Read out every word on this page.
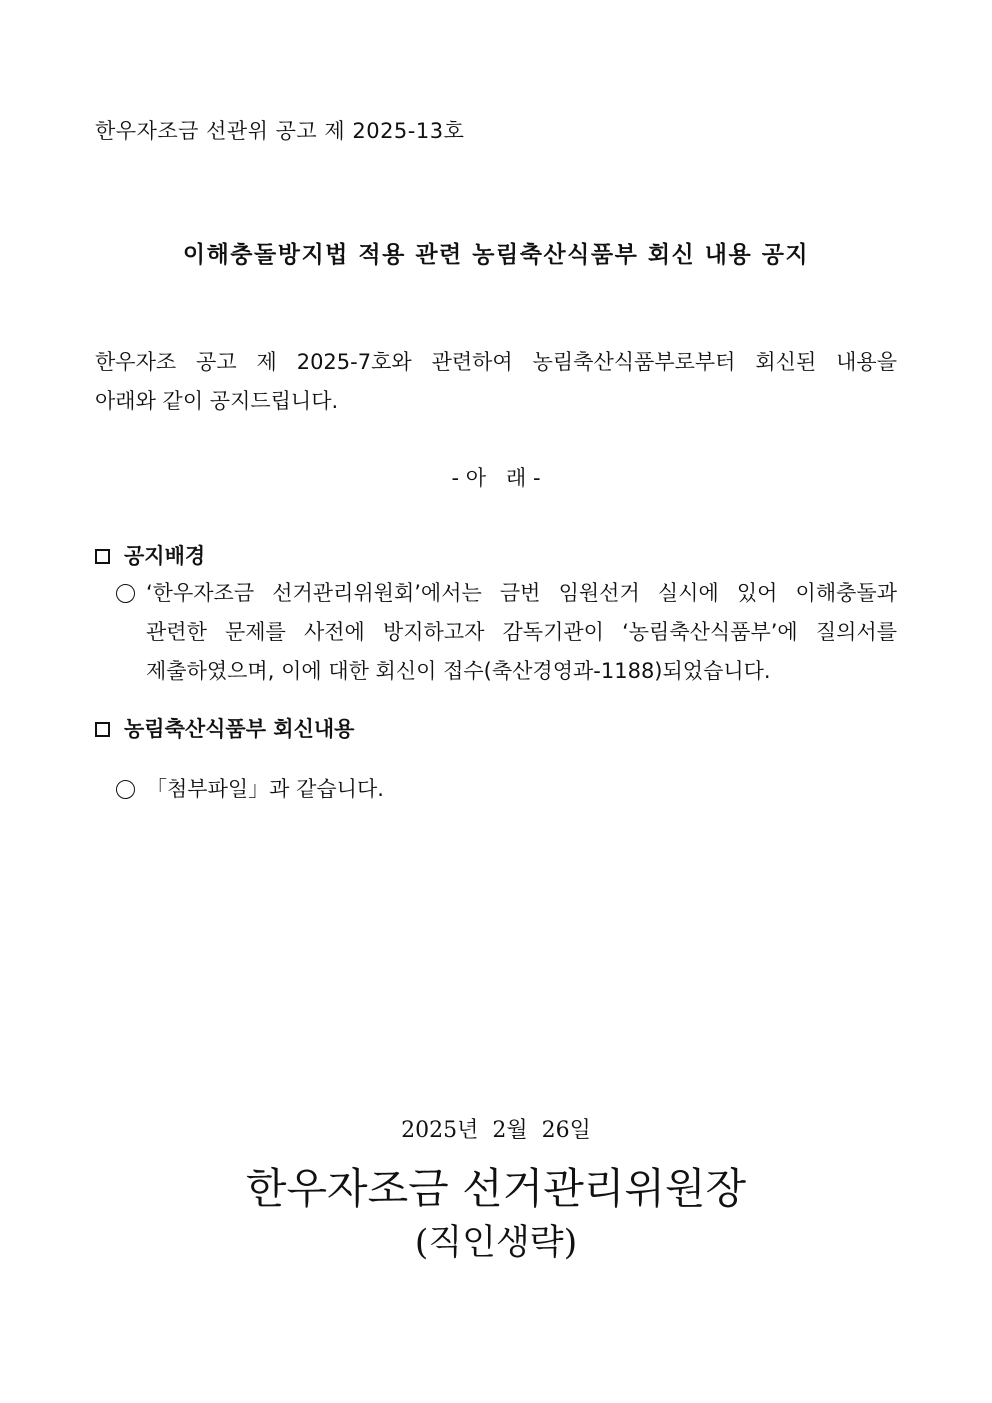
한우자조금 선관위 공고 제 2025-13호
이해충돌방지법 적용 관련 농림축산식품부 회신 내용 공지
한우자조 공고 제 2025-7호와 관련하여 농림축산식품부로부터 회신된 내용을
아래와 같이 공지드립니다.
- 아   래 -
공지배경
‘한우자조금 선거관리위원회’에서는 금번 임원선거 실시에 있어 이해충돌과
관련한 문제를 사전에 방지하고자 감독기관이 ‘농림축산식품부’에 질의서를
제출하였으며, 이에 대한 회신이 접수(축산경영과-1188)되었습니다.
농림축산식품부 회신내용
「첨부파일」과 같습니다.
2025년  2월  26일
한우자조금 선거관리위원장
(직인생략)
